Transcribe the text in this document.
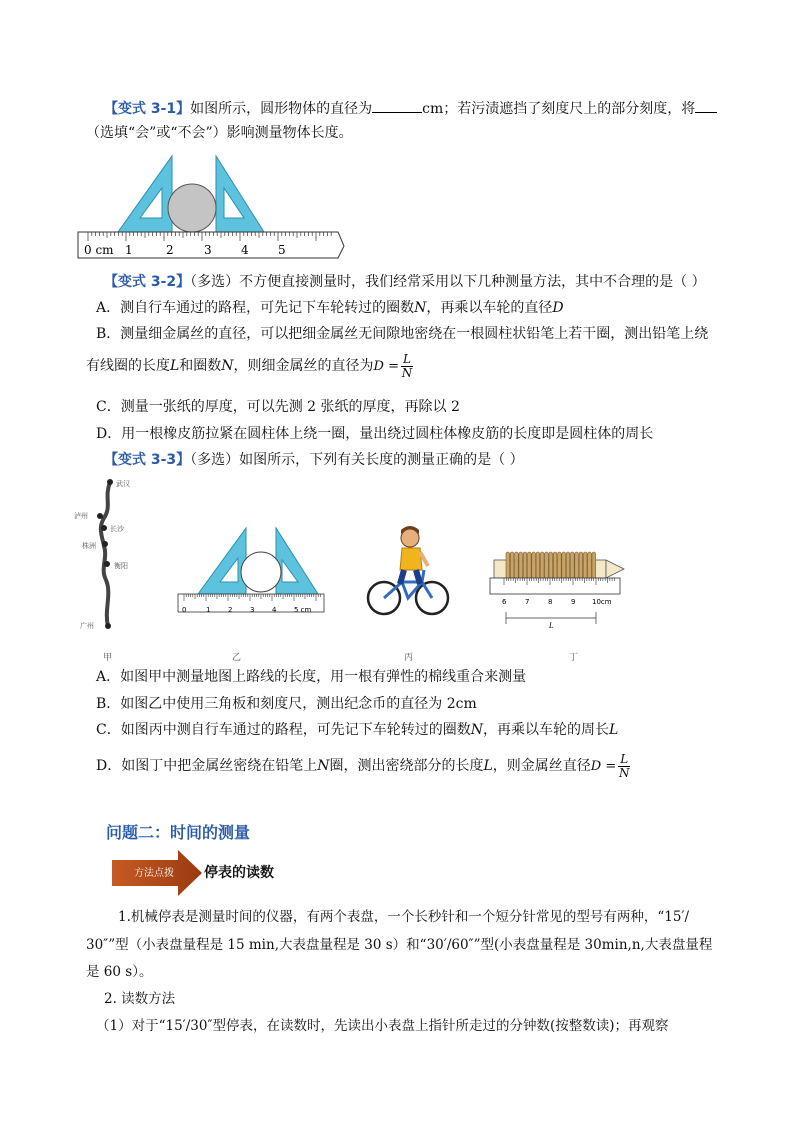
【变式 3-1】如图所示，圆形物体的直径为	cm；若污渍遮挡了刻度尺上的部分刻度，将
（选填“会”或“不会”）影响测量物体长度。
0 cm 1	2	3 4 5
【变式 3-2】（多选）不方便直接测量时，我们经常采用以下几种测量方法，其中不合理的是（ ）
A．测自行车通过的路程，可先记下车轮转过的圈数N，再乘以车轮的直径D
B．测量细金属丝的直径，可以把细金属丝无间隙地密绕在一根圆柱状铅笔上若干圈，测出铅笔上绕
有线圈的长度L和圈数N，则细金属丝的直径为$D = \frac{L}{N}$
C．测量一张纸的厚度，可以先测 2 张纸的厚度，再除以 2
D．用一根橡皮筋拉紧在圆柱体上绕一圈，量出绕过圆柱体橡皮筋的长度即是圆柱体的周长
【变式 3-3】（多选）如图所示，下列有关长度的测量正确的是（ ）
武汉
泸州
长沙
株洲
衡阳
广州
甲
0	1	2	3	4	5 cm
乙	丙
6	7	8	9 10cm
L
丁
A．如图甲中测量地图上路线的长度，用一根有弹性的棉线重合来测量
B．如图乙中使用三角板和刻度尺，测出纪念币的直径为 2cm
C．如图丙中测自行车通过的路程，可先记下车轮转过的圈数N，再乘以车轮的周长L
D．如图丁中把金属丝密绕在铅笔上N圈，测出密绕部分的长度L，则金属丝直径$D = \frac{L}{N}$
问题二：时间的测量
方法点拨	停表的读数
1.机械停表是测量时间的仪器，有两个表盘，一个长秒针和一个短分针常见的型号有两种，“15′/
30″”型（小表盘量程是 15 min,大表盘量程是 30 s）和“30′/60″”型(小表盘量程是 30min,n,大表盘量程
是 60 s）。
2. 读数方法
（1）对于“15′/30″型停表，在读数时，先读出小表盘上指针所走过的分钟数(按整数读)；再观察
